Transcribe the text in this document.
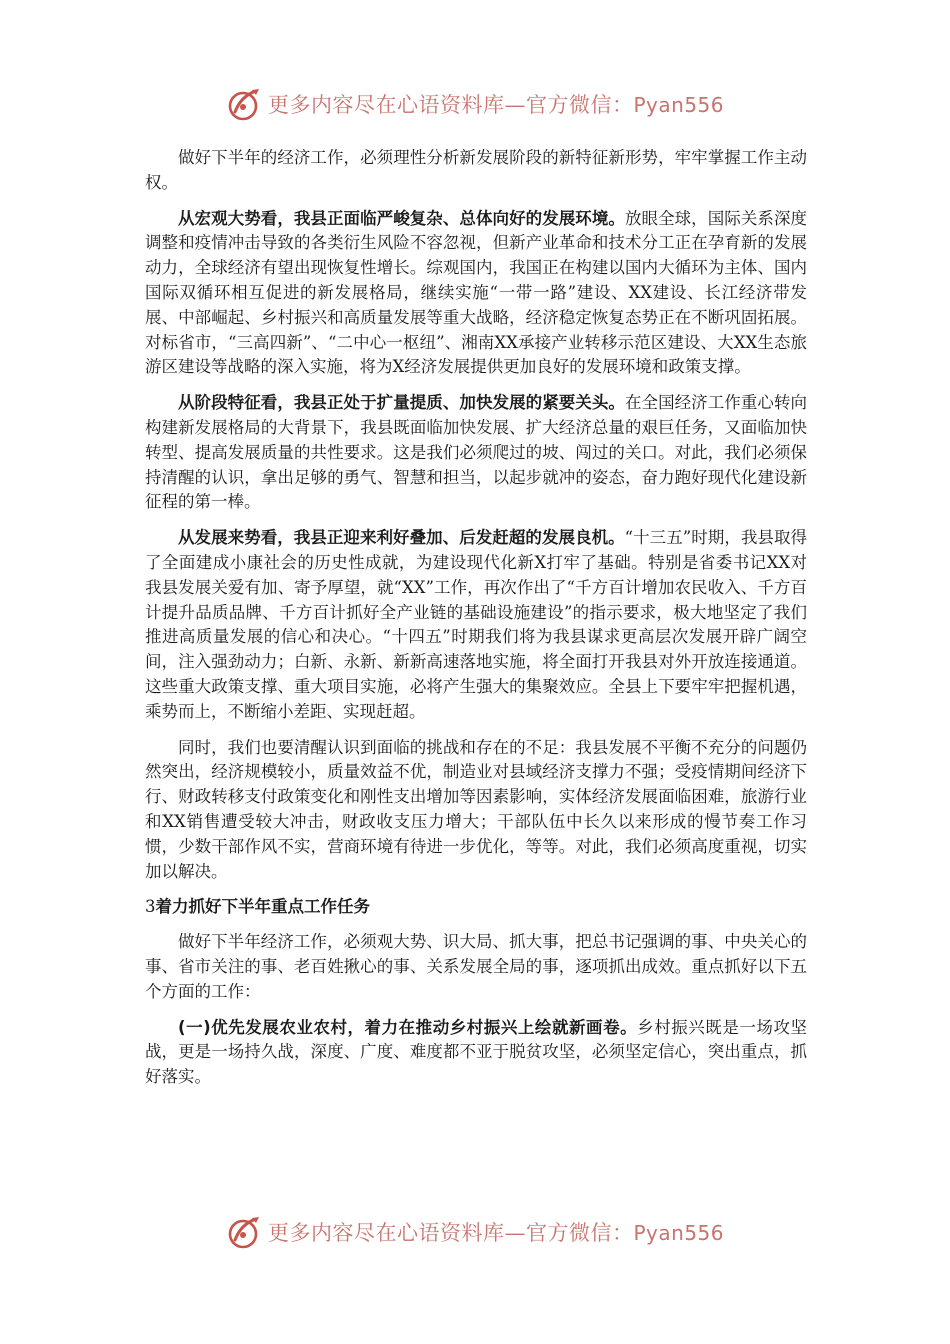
更多内容尽在心语资料库—官方微信：Pyan556

做好下半年的经济工作，必须理性分析新发展阶段的新特征新形势，牢牢掌握工作主动权。

从宏观大势看，我县正面临严峻复杂、总体向好的发展环境。放眼全球，国际关系深度调整和疫情冲击导致的各类衍生风险不容忽视，但新产业革命和技术分工正在孕育新的发展动力，全球经济有望出现恢复性增长。综观国内，我国正在构建以国内大循环为主体、国内国际双循环相互促进的新发展格局，继续实施“一带一路”建设、XX建设、长江经济带发展、中部崛起、乡村振兴和高质量发展等重大战略，经济稳定恢复态势正在不断巩固拓展。对标省市，“三高四新”、“二中心一枢纽”、湘南XX承接产业转移示范区建设、大XX生态旅游区建设等战略的深入实施，将为X经济发展提供更加良好的发展环境和政策支撑。

从阶段特征看，我县正处于扩量提质、加快发展的紧要关头。在全国经济工作重心转向构建新发展格局的大背景下，我县既面临加快发展、扩大经济总量的艰巨任务，又面临加快转型、提高发展质量的共性要求。这是我们必须爬过的坡、闯过的关口。对此，我们必须保持清醒的认识，拿出足够的勇气、智慧和担当，以起步就冲的姿态，奋力跑好现代化建设新征程的第一棒。

从发展来势看，我县正迎来利好叠加、后发赶超的发展良机。“十三五”时期，我县取得了全面建成小康社会的历史性成就，为建设现代化新X打牢了基础。特别是省委书记XX对我县发展关爱有加、寄予厚望，就“XX”工作，再次作出了“千方百计增加农民收入、千方百计提升品质品牌、千方百计抓好全产业链的基础设施建设”的指示要求，极大地坚定了我们推进高质量发展的信心和决心。“十四五”时期我们将为我县谋求更高层次发展开辟广阔空间，注入强劲动力；白新、永新、新新高速落地实施，将全面打开我县对外开放连接通道。这些重大政策支撑、重大项目实施，必将产生强大的集聚效应。全县上下要牢牢把握机遇，乘势而上，不断缩小差距、实现赶超。

同时，我们也要清醒认识到面临的挑战和存在的不足：我县发展不平衡不充分的问题仍然突出，经济规模较小，质量效益不优，制造业对县域经济支撑力不强；受疫情期间经济下行、财政转移支付政策变化和刚性支出增加等因素影响，实体经济发展面临困难，旅游行业和XX销售遭受较大冲击，财政收支压力增大；干部队伍中长久以来形成的慢节奏工作习惯，少数干部作风不实，营商环境有待进一步优化，等等。对此，我们必须高度重视，切实加以解决。

3着力抓好下半年重点工作任务

做好下半年经济工作，必须观大势、识大局、抓大事，把总书记强调的事、中央关心的事、省市关注的事、老百姓揪心的事、关系发展全局的事，逐项抓出成效。重点抓好以下五个方面的工作：

(一)优先发展农业农村，着力在推动乡村振兴上绘就新画卷。乡村振兴既是一场攻坚战，更是一场持久战，深度、广度、难度都不亚于脱贫攻坚，必须坚定信心，突出重点，抓好落实。

更多内容尽在心语资料库—官方微信：Pyan556
